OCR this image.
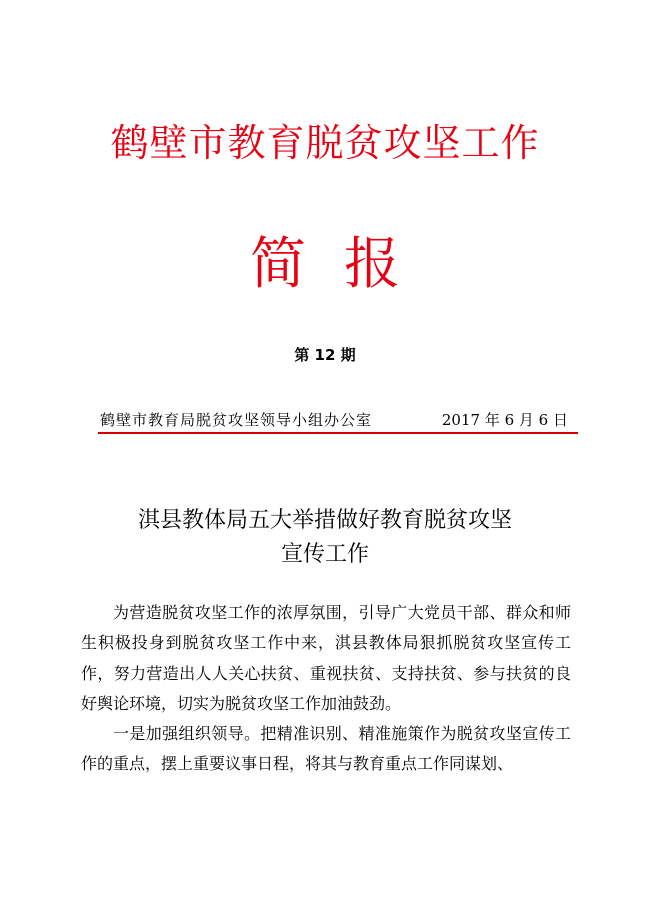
鹤壁市教育脱贫攻坚工作
简报
第 12 期
鹤壁市教育局脱贫攻坚领导小组办公室	2017 年 6 月 6 日
淇县教体局五大举措做好教育脱贫攻坚
宣传工作

为营造脱贫攻坚工作的浓厚氛围，引导广大党员干部、群众和师生积极投身到脱贫攻坚工作中来，淇县教体局狠抓脱贫攻坚宣传工作，努力营造出人人关心扶贫、重视扶贫、支持扶贫、参与扶贫的良好舆论环境，切实为脱贫攻坚工作加油鼓劲。

一是加强组织领导。把精准识别、精准施策作为脱贫攻坚宣传工作的重点，摆上重要议事日程，将其与教育重点工作同谋划、
